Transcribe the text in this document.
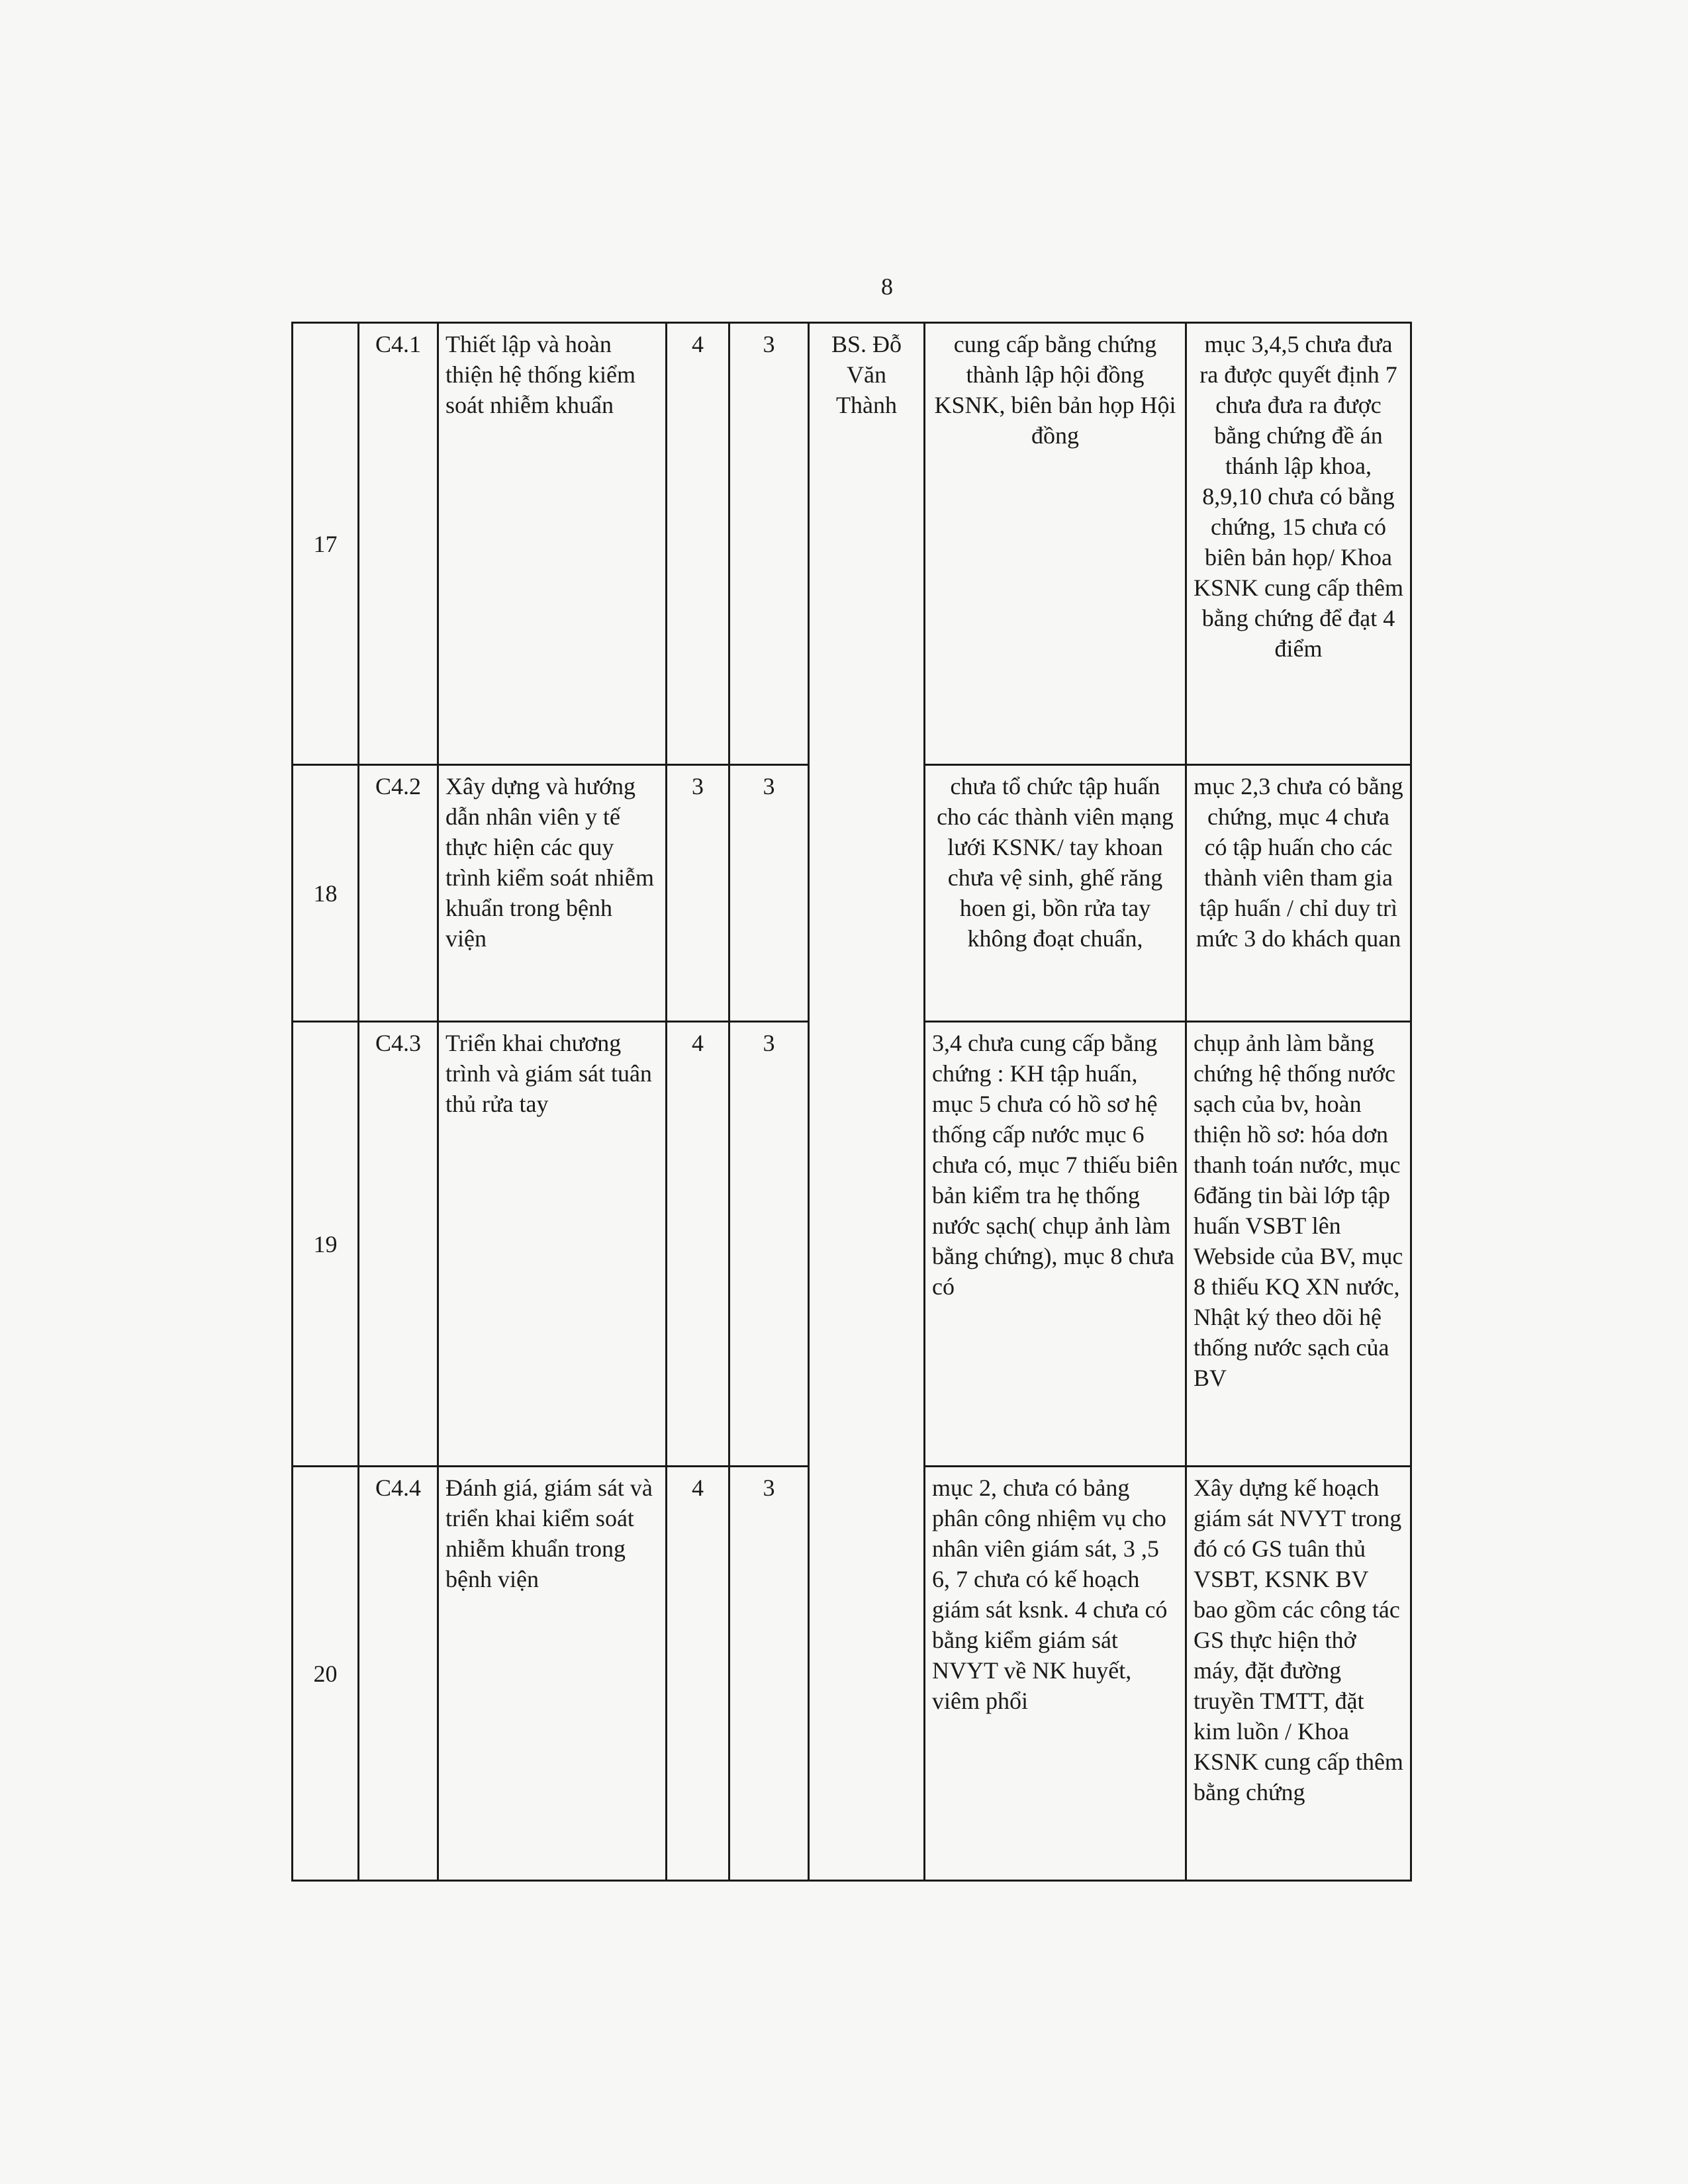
8
17	C4.1	Thiết lập và hoàn thiện hệ thống kiểm soát nhiễm khuẩn	4	3	BS. Đỗ Văn Thành	cung cấp bằng chứng thành lập hội đồng KSNK, biên bản họp Hội đồng	mục 3,4,5 chưa đưa ra được quyết định 7 chưa đưa ra được bằng chứng đề án thánh lập khoa, 8,9,10 chưa có bằng chứng, 15 chưa có biên bản họp/ Khoa KSNK cung cấp thêm bằng chứng để đạt 4 điểm
18	C4.2	Xây dựng và hướng dẫn nhân viên y tế thực hiện các quy trình kiểm soát nhiễm khuẩn trong bệnh viện	3	3		chưa tổ chức tập huấn cho các thành viên mạng lưới KSNK/ tay khoan chưa vệ sinh, ghế răng hoen gi, bồn rửa tay không đoạt chuẩn,	mục 2,3 chưa có bằng chứng, mục 4 chưa có tập huấn cho các thành viên tham gia tập huấn / chỉ duy trì mức 3 do khách quan
19	C4.3	Triển khai chương trình và giám sát tuân thủ rửa tay	4	3		3,4 chưa cung cấp bằng chứng : KH tập huấn, mục 5 chưa có hồ sơ hệ thống cấp nước mục 6 chưa có, mục 7 thiếu biên bản kiểm tra hẹ thống nước sạch( chụp ảnh làm bằng chứng), mục 8 chưa có	chụp ảnh làm bằng chứng hệ thống nước sạch của bv, hoàn thiện hồ sơ: hóa dơn thanh toán nước, mục 6đăng tin bài lớp tập huấn VSBT lên Webside của BV, mục 8 thiếu KQ XN nước, Nhật ký theo dõi hệ thống nước sạch của BV
20	C4.4	Đánh giá, giám sát và triển khai kiểm soát nhiễm khuẩn trong bệnh viện	4	3		mục 2, chưa có bảng phân công nhiệm vụ cho nhân viên giám sát, 3 ,5 6, 7 chưa có kế hoạch giám sát ksnk. 4 chưa có bằng kiểm giám sát NVYT về NK huyết, viêm phổi	Xây dựng kế hoạch giám sát NVYT trong đó có GS tuân thủ VSBT, KSNK BV bao gồm các công tác GS thực hiện thở máy, đặt đường truyền TMTT, đặt kim luồn / Khoa KSNK cung cấp thêm bằng chứng
